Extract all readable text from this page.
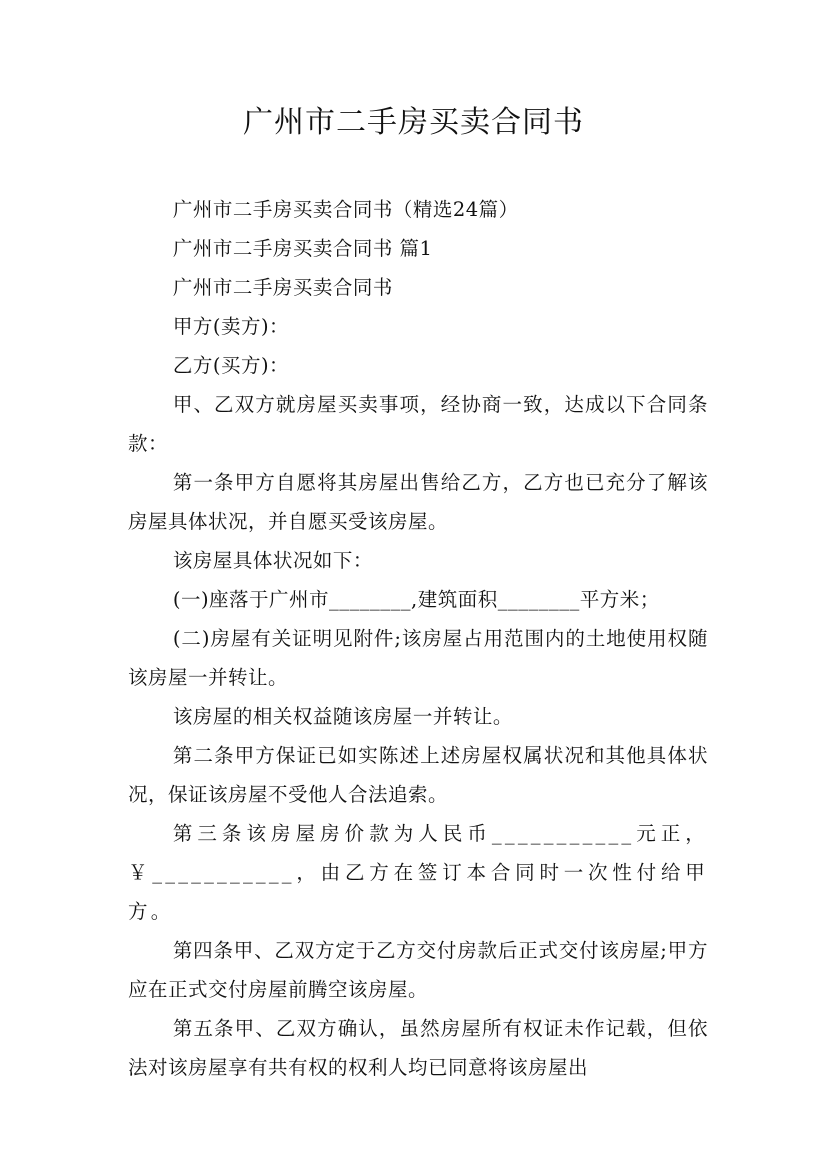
广州市二手房买卖合同书

广州市二手房买卖合同书（精选24篇）

广州市二手房买卖合同书 篇1

广州市二手房买卖合同书

甲方(卖方)：

乙方(买方)：

甲、乙双方就房屋买卖事项，经协商一致，达成以下合同条款：

第一条甲方自愿将其房屋出售给乙方，乙方也已充分了解该房屋具体状况，并自愿买受该房屋。

该房屋具体状况如下：

(一)座落于广州市________,建筑面积________平方米；

(二)房屋有关证明见附件;该房屋占用范围内的土地使用权随该房屋一并转让。

该房屋的相关权益随该房屋一并转让。

第二条甲方保证已如实陈述上述房屋权属状况和其他具体状况，保证该房屋不受他人合法追索。

第三条该房屋房价款为人民币___________元正，￥___________，由乙方在签订本合同时一次性付给甲方。

第四条甲、乙双方定于乙方交付房款后正式交付该房屋;甲方应在正式交付房屋前腾空该房屋。

第五条甲、乙双方确认，虽然房屋所有权证未作记载，但依法对该房屋享有共有权的权利人均已同意将该房屋出
